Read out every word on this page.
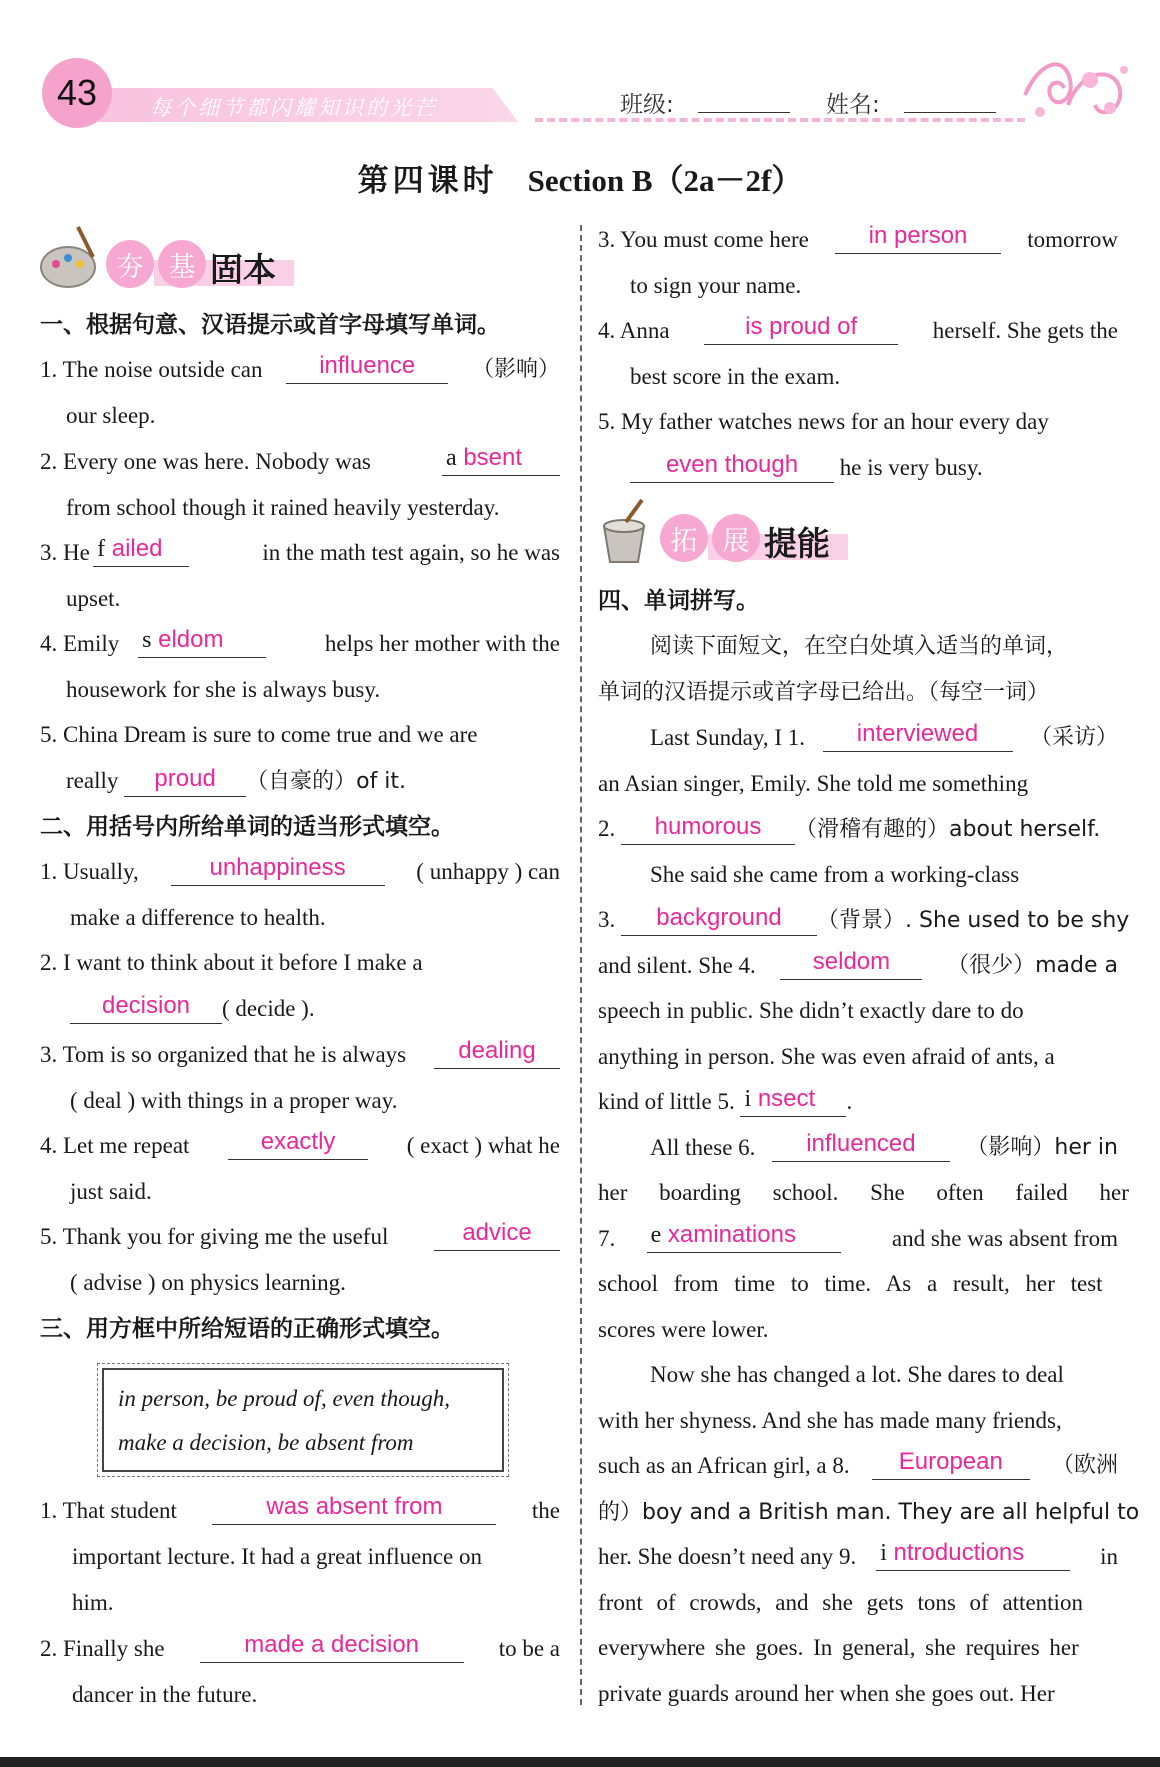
43	每个细节都闪耀知识的光芒	班级:	姓名:
第四课时 Section B（2a－2f）
夯 基 固本
一、根据句意、汉语提示或首字母填写单词。
1. The noise outside can	influence	（影响）
our sleep.
2. Every one was here. Nobody was	a bsent
from school though it rained heavily yesterday.
3. He f ailed	in the math test again, so he was
upset.
4. Emily s eldom	helps her mother with the
housework for she is always busy.
5. China Dream is sure to come true and we are
really	proud	（自豪的）of it.
二、用括号内所给单词的适当形式填空。
1. Usually,	unhappiness	( unhappy ) can
make a difference to health.
2. I want to think about it before I make a
decision	( decide ).
3. Tom is so organized that he is always	dealing
( deal ) with things in a proper way.
4. Let me repeat	exactly	( exact ) what he
just said.
5. Thank you for giving me the useful	advice
( advise ) on physics learning.
三、用方框中所给短语的正确形式填空。
in person, be proud of, even though,
make a decision, be absent from
1. That student	was absent from	the
important lecture. It had a great influence on
him.
2. Finally she	made a decision	to be a
dancer in the future.
3. You must come here	in person	tomorrow
to sign your name.
4. Anna	is proud of	herself. She gets the
best score in the exam.
5. My father watches news for an hour every day
even though	he is very busy.
拓 展 提能
四、单词拼写。
阅读下面短文，在空白处填入适当的单词，
单词的汉语提示或首字母已给出。（每空一词）
Last Sunday, I 1.	interviewed	（采访）
an Asian singer, Emily. She told me something
2.	humorous	（滑稽有趣的）about herself.
She said she came from a working-class
3.	background	（背景）. She used to be shy
and silent. She 4.	seldom	（很少）made a
speech in public. She didn’t exactly dare to do
anything in person. She was even afraid of ants, a
kind of little 5. i nsect .
All these 6.	influenced	（影响）her in
her boarding school. She often failed her
7. e xaminations	and she was absent from
school from time to time. As a result, her test
scores were lower.
Now she has changed a lot. She dares to deal
with her shyness. And she has made many friends,
such as an African girl, a 8.	European	（欧洲
的）boy and a British man. They are all helpful to
her. She doesn’t need any 9. i ntroductions	in
front of crowds, and she gets tons of attention
everywhere she goes. In general, she requires her
private guards around her when she goes out. Her
